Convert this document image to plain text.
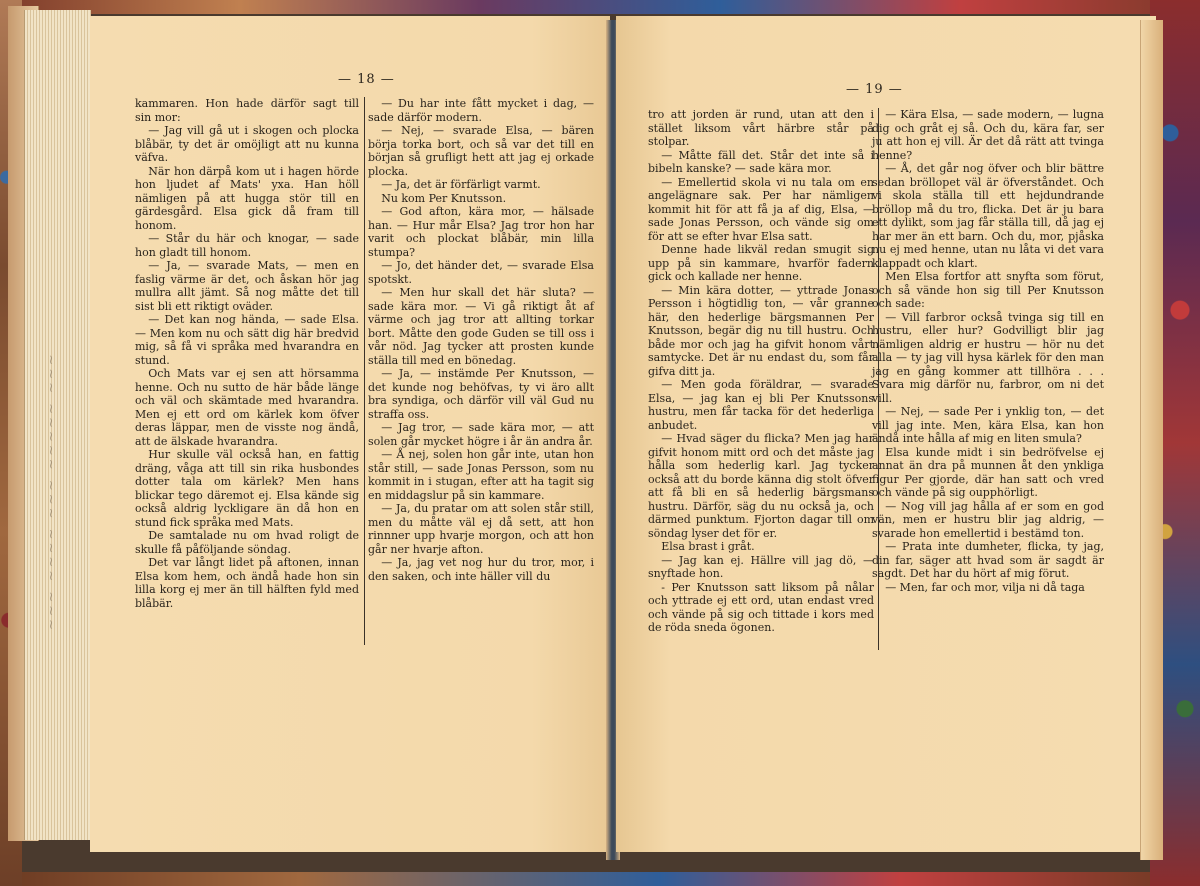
~~~ ~~~~ ~~~ ~~~~~ ~~~
— 18 —
— 19 —

kammaren. Hon hade därför sagt till sin mor:

— Jag vill gå ut i skogen och plocka blåbär, ty det är omöjligt att nu kunna väfva.

När hon därpå kom ut i hagen hörde hon ljudet af Mats' yxa. Han höll nämligen på att hugga stör till en gärdesgård. Elsa gick då fram till honom.

— Står du här och knogar, — sade hon gladt till honom.

— Ja, — svarade Mats, — men en faslig värme är det, och åskan hör jag mullra allt jämt. Så nog måtte det till sist bli ett riktigt oväder.

— Det kan nog hända, — sade Elsa. — Men kom nu och sätt dig här bredvid mig, så få vi språka med hvarandra en stund.

Och Mats var ej sen att hörsamma henne. Och nu sutto de här både länge och väl och skämtade med hvarandra. Men ej ett ord om kärlek kom öfver deras läppar, men de visste nog ändå, att de älskade hvarandra.

Hur skulle väl också han, en fattig dräng, våga att till sin rika husbondes dotter tala om kärlek? Men hans blickar tego däremot ej. Elsa kände sig också aldrig lyckligare än då hon en stund fick språka med Mats.

De samtalade nu om hvad roligt de skulle få påföljande söndag.

Det var långt lidet på aftonen, innan Elsa kom hem, och ändå hade hon sin lilla korg ej mer än till hälften fyld med blåbär.

— Du har inte fått mycket i dag, — sade därför modern.

— Nej, — svarade Elsa, — bären börja torka bort, och så var det till en början så grufligt hett att jag ej orkade plocka.

— Ja, det är förfärligt varmt.

Nu kom Per Knutsson.

— God afton, kära mor, — hälsade han. — Hur mår Elsa? Jag tror hon har varit och plockat blåbär, min lilla stumpa?

— Jo, det händer det, — svarade Elsa spotskt.

— Men hur skall det här sluta? — sade kära mor. — Vi gå riktigt åt af värme och jag tror att allting torkar bort. Måtte den gode Guden se till oss i vår nöd. Jag tycker att prosten kunde ställa till med en bönedag.

— Ja, — instämde Per Knutsson, — det kunde nog behöfvas, ty vi äro allt bra syndiga, och därför vill väl Gud nu straffa oss.

— Jag tror, — sade kära mor, — att solen går mycket högre i år än andra år.

— Å nej, solen hon går inte, utan hon står still, — sade Jonas Persson, som nu kommit in i stugan, efter att ha tagit sig en middagslur på sin kammare.

— Ja, du pratar om att solen står still, men du måtte väl ej då sett, att hon rinnner upp hvarje morgon, och att hon går ner hvarje afton.

— Ja, jag vet nog hur du tror, mor, i den saken, och inte häller vill du

tro att jorden är rund, utan att den i stället liksom vårt härbre står på stolpar.

— Måtte fäll det. Står det inte så i bibeln kanske? — sade kära mor.

— Emellertid skola vi nu tala om en angelägnare sak. Per har nämligen kommit hit för att få ja af dig, Elsa, — sade Jonas Persson, och vände sig om för att se efter hvar Elsa satt.

Denne hade likväl redan smugit sig upp på sin kammare, hvarför fadern gick och kallade ner henne.

— Min kära dotter, — yttrade Jonas Persson i högtidlig ton, — vår granne här, den hederlige bärgsmannen Per Knutsson, begär dig nu till hustru. Och både mor och jag ha gifvit honom vårt samtycke. Det är nu endast du, som får gifva ditt ja.

— Men goda föräldrar, — svarade Elsa, — jag kan ej bli Per Knutssons hustru, men får tacka för det hederliga anbudet.

— Hvad säger du flicka? Men jag har gifvit honom mitt ord och det måste jag hålla som hederlig karl. Jag tycker också att du borde känna dig stolt öfver att få bli en så hederlig bärgsmans hustru. Därför, säg du nu också ja, och därmed punktum. Fjorton dagar till om söndag lyser det för er.

Elsa brast i gråt.

— Jag kan ej. Hällre vill jag dö, — snyftade hon.

- Per Knutsson satt liksom på nålar och yttrade ej ett ord, utan endast vred och vände på sig och tittade i kors med de röda sneda ögonen.

— Kära Elsa, — sade modern, — lugna dig och gråt ej så. Och du, kära far, ser ju att hon ej vill. Är det då rätt att tvinga henne?

— Å, det går nog öfver och blir bättre sedan bröllopet väl är öfverståndet. Och vi skola ställa till ett hejdundrande bröllop må du tro, flicka. Det är ju bara ett dylikt, som jag får ställa till, då jag ej har mer än ett barn. Och du, mor, pjåska nu ej med henne, utan nu låta vi det vara klappadt och klart.

Men Elsa fortfor att snyfta som förut, och så vände hon sig till Per Knutsson och sade:

— Vill farbror också tvinga sig till en hustru, eller hur? Godvilligt blir jag nämligen aldrig er hustru — hör nu det alla — ty jag vill hysa kärlek för den man jag en gång kommer att tillhöra . . . Svara mig därför nu, farbror, om ni det vill.

— Nej, — sade Per i ynklig ton, — det vill jag inte. Men, kära Elsa, kan hon ändå inte hålla af mig en liten smula?

Elsa kunde midt i sin bedröfvelse ej annat än dra på munnen åt den ynkliga figur Per gjorde, där han satt och vred och vände på sig oupphörligt.

— Nog vill jag hålla af er som en god vän, men er hustru blir jag aldrig, — svarade hon emellertid i bestämd ton.

— Prata inte dumheter, flicka, ty jag, din far, säger att hvad som är sagdt är sagdt. Det har du hört af mig förut.

— Men, far och mor, vilja ni då taga
